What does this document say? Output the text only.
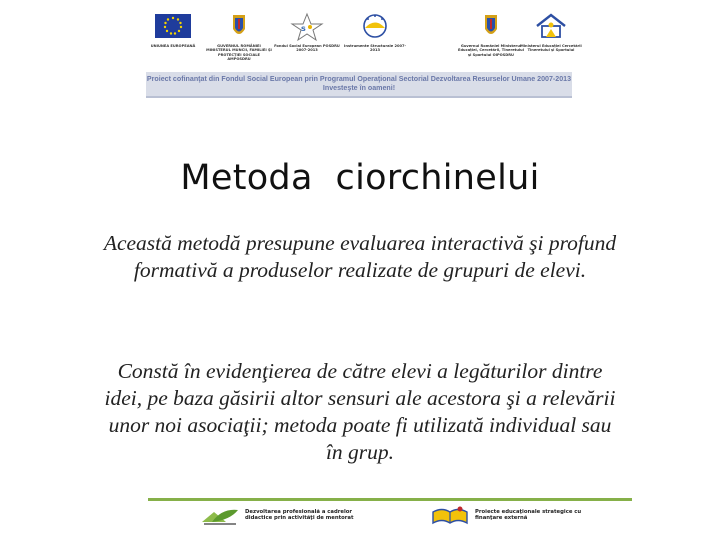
UNIUNEA EUROPEANĂ	GUVERNUL ROMÂNIEI MINISTERUL MUNCII, FAMILIEI ŞI PROTECŢIEI SOCIALE AMPOSDRU
s
Fondul Social European POSDRU 2007-2013
Instrumente Structurale 2007-2013
Guvernul României Ministerul Educaţiei, Cercetării, Tineretului şi Sportului OIPOSDRU
Ministerul Educaţiei Cercetării Tineretului şi Sportului
Proiect cofinanţat din Fondul Social European prin Programul Operaţional Sectorial Dezvoltarea Resurselor Umane 2007-2013
Investeşte în oameni!
Metoda  ciorchinelui
Această metodă presupune evaluarea interactivă şi profund formativă a produselor realizate de grupuri de elevi.
Constă în evidenţierea de către elevi a legăturilor dintre idei, pe baza găsirii altor sensuri ale acestora şi a relevării unor noi asociaţii; metoda poate fi utilizată individual sau în grup.
Dezvoltarea profesională a cadrelor didactice prin activităţi de mentorat
Proiecte educaţionale strategice cu finanţare externă
